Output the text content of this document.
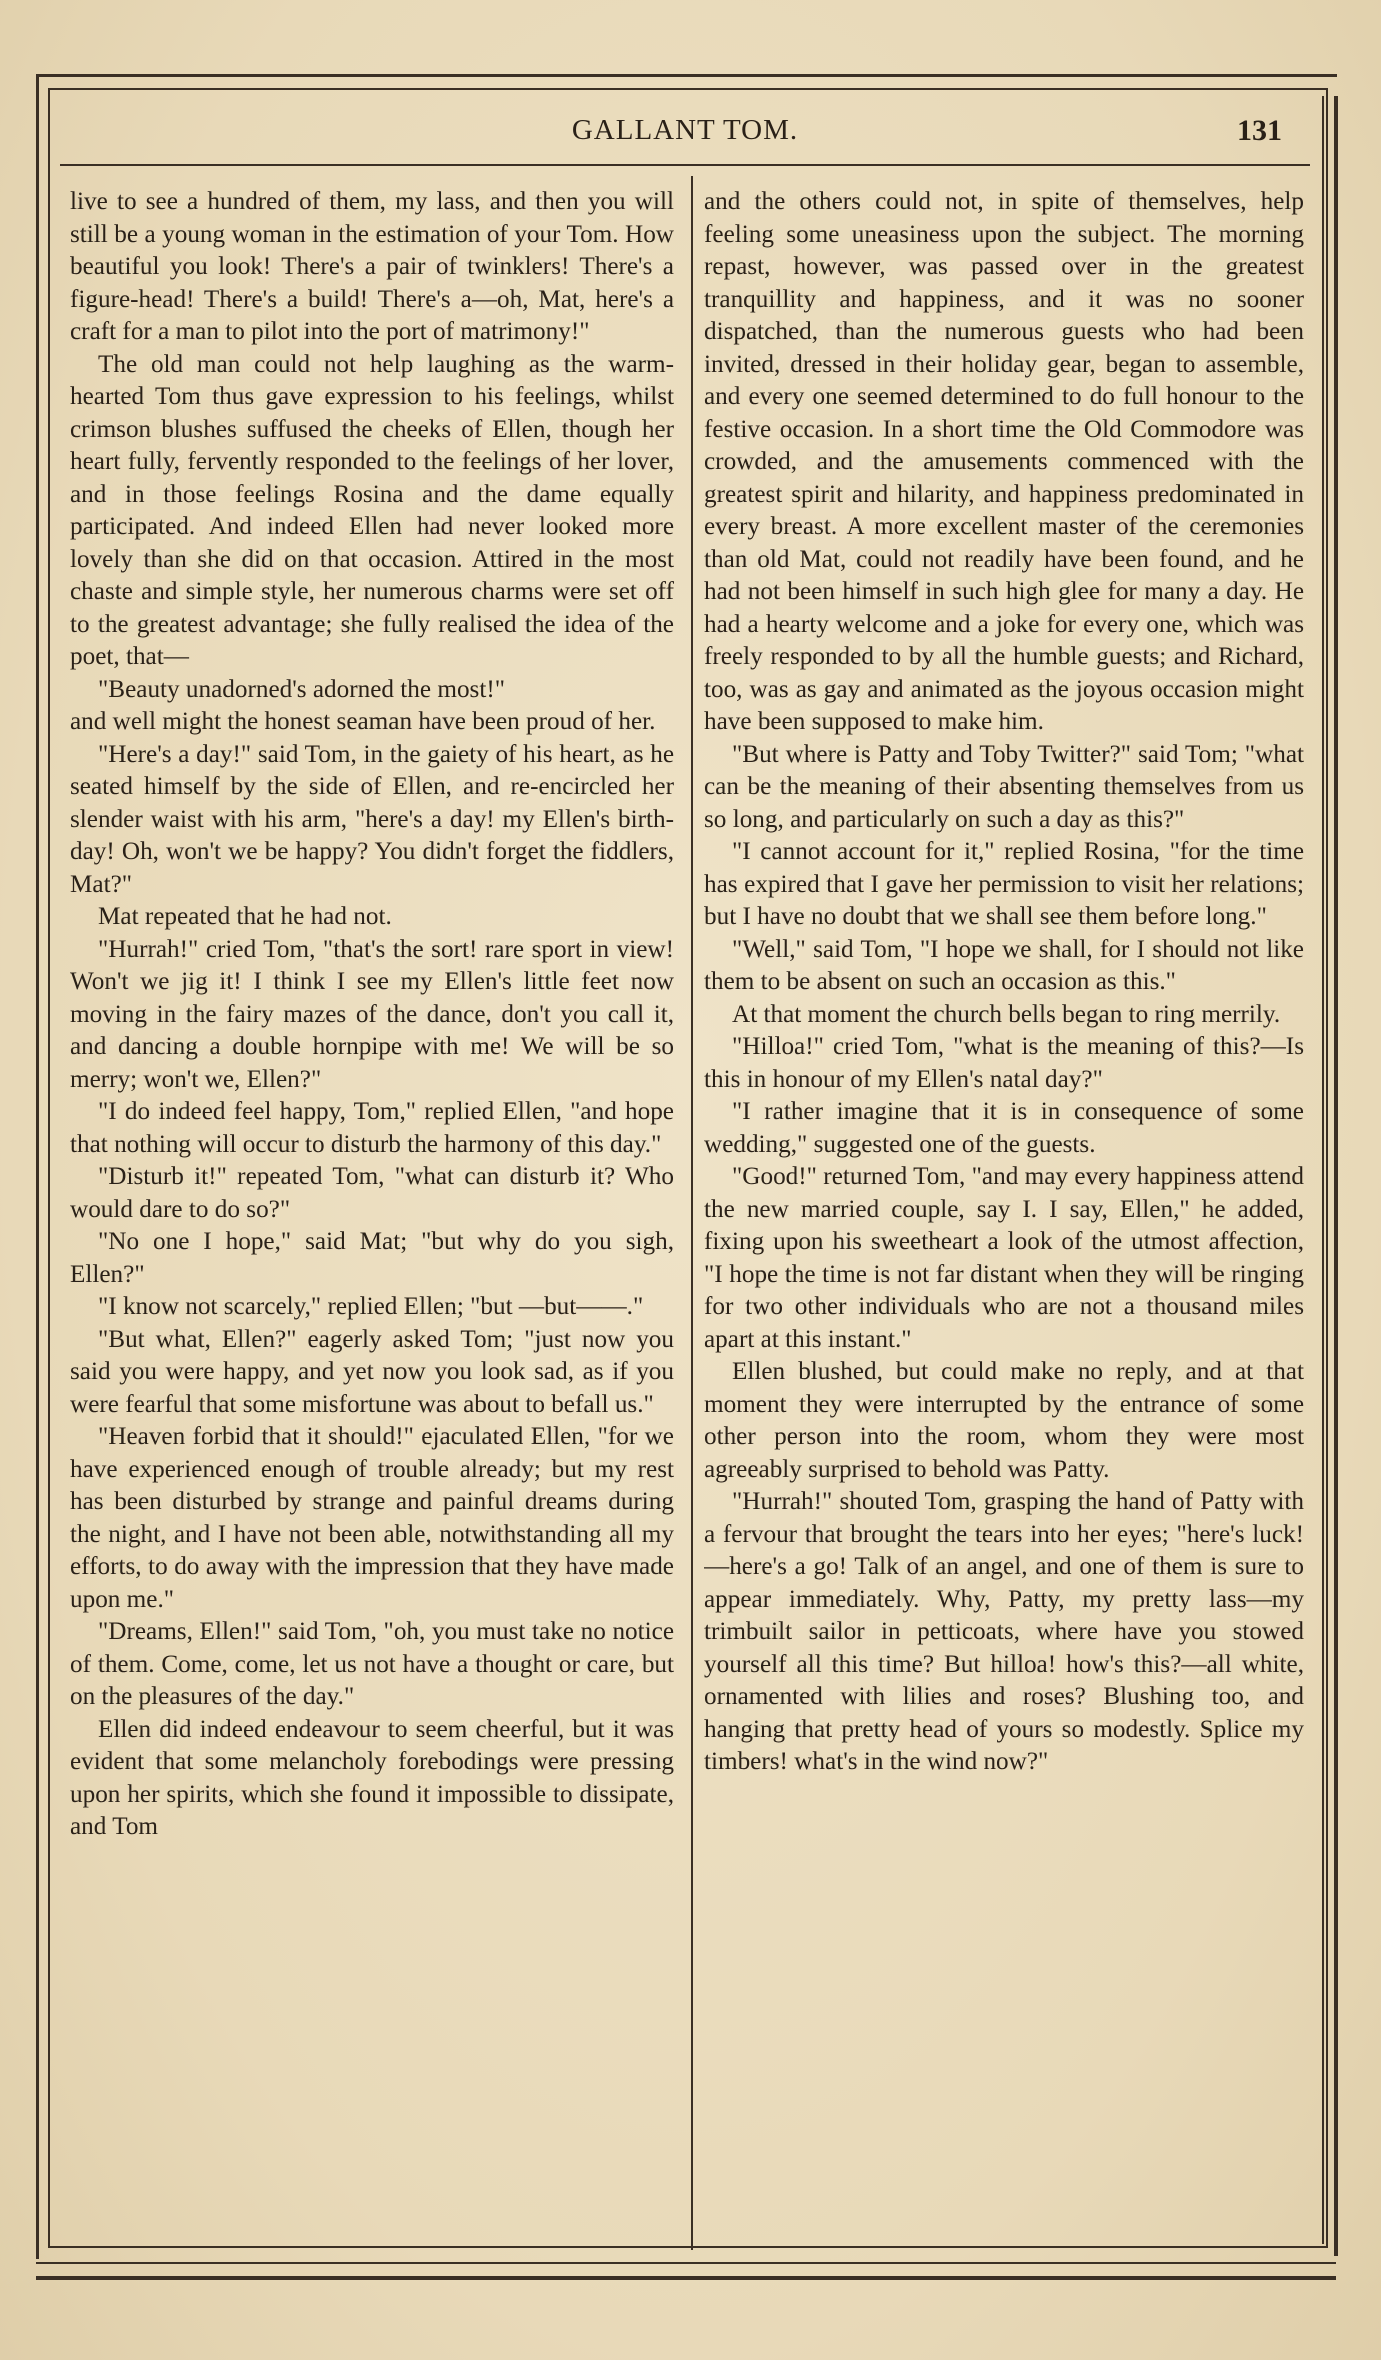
GALLANT TOM.	131

live to see a hundred of them, my lass, and then you will still be a young woman in the estimation of your Tom. How beautiful you look! There's a pair of twinklers! There's a figure-head! There's a build! There's a—oh, Mat, here's a craft for a man to pilot into the port of matrimony!"

The old man could not help laughing as the warm-hearted Tom thus gave expression to his feelings, whilst crimson blushes suffused the cheeks of Ellen, though her heart fully, fervently responded to the feelings of her lover, and in those feelings Rosina and the dame equally participated. And indeed Ellen had never looked more lovely than she did on that occasion. Attired in the most chaste and simple style, her numerous charms were set off to the greatest advantage; she fully realised the idea of the poet, that—

"Beauty unadorned's adorned the most!"

and well might the honest seaman have been proud of her.

"Here's a day!" said Tom, in the gaiety of his heart, as he seated himself by the side of Ellen, and re-encircled her slender waist with his arm, "here's a day! my Ellen's birth-day! Oh, won't we be happy? You didn't forget the fiddlers, Mat?"

Mat repeated that he had not.

"Hurrah!" cried Tom, "that's the sort! rare sport in view! Won't we jig it! I think I see my Ellen's little feet now moving in the fairy mazes of the dance, don't you call it, and dancing a double hornpipe with me! We will be so merry; won't we, Ellen?"

"I do indeed feel happy, Tom," replied Ellen, "and hope that nothing will occur to disturb the harmony of this day."

"Disturb it!" repeated Tom, "what can disturb it? Who would dare to do so?"

"No one I hope," said Mat; "but why do you sigh, Ellen?"

"I know not scarcely," replied Ellen; "but —but——."

"But what, Ellen?" eagerly asked Tom; "just now you said you were happy, and yet now you look sad, as if you were fearful that some misfortune was about to befall us."

"Heaven forbid that it should!" ejaculated Ellen, "for we have experienced enough of trouble already; but my rest has been disturbed by strange and painful dreams during the night, and I have not been able, notwithstanding all my efforts, to do away with the impression that they have made upon me."

"Dreams, Ellen!" said Tom, "oh, you must take no notice of them. Come, come, let us not have a thought or care, but on the pleasures of the day."

Ellen did indeed endeavour to seem cheerful, but it was evident that some melancholy forebodings were pressing upon her spirits, which she found it impossible to dissipate, and Tom

and the others could not, in spite of themselves, help feeling some uneasiness upon the subject. The morning repast, however, was passed over in the greatest tranquillity and happiness, and it was no sooner dispatched, than the numerous guests who had been invited, dressed in their holiday gear, began to assemble, and every one seemed determined to do full honour to the festive occasion. In a short time the Old Commodore was crowded, and the amusements commenced with the greatest spirit and hilarity, and happiness predominated in every breast. A more excellent master of the ceremonies than old Mat, could not readily have been found, and he had not been himself in such high glee for many a day. He had a hearty welcome and a joke for every one, which was freely responded to by all the humble guests; and Richard, too, was as gay and animated as the joyous occasion might have been supposed to make him.

"But where is Patty and Toby Twitter?" said Tom; "what can be the meaning of their absenting themselves from us so long, and particularly on such a day as this?"

"I cannot account for it," replied Rosina, "for the time has expired that I gave her permission to visit her relations; but I have no doubt that we shall see them before long."

"Well," said Tom, "I hope we shall, for I should not like them to be absent on such an occasion as this."

At that moment the church bells began to ring merrily.

"Hilloa!" cried Tom, "what is the meaning of this?—Is this in honour of my Ellen's natal day?"

"I rather imagine that it is in consequence of some wedding," suggested one of the guests.

"Good!" returned Tom, "and may every happiness attend the new married couple, say I. I say, Ellen," he added, fixing upon his sweetheart a look of the utmost affection, "I hope the time is not far distant when they will be ringing for two other individuals who are not a thousand miles apart at this instant."

Ellen blushed, but could make no reply, and at that moment they were interrupted by the entrance of some other person into the room, whom they were most agreeably surprised to behold was Patty.

"Hurrah!" shouted Tom, grasping the hand of Patty with a fervour that brought the tears into her eyes; "here's luck!—here's a go! Talk of an angel, and one of them is sure to appear immediately. Why, Patty, my pretty lass—my trimbuilt sailor in petticoats, where have you stowed yourself all this time? But hilloa! how's this?—all white, ornamented with lilies and roses? Blushing too, and hanging that pretty head of yours so modestly. Splice my timbers! what's in the wind now?"
